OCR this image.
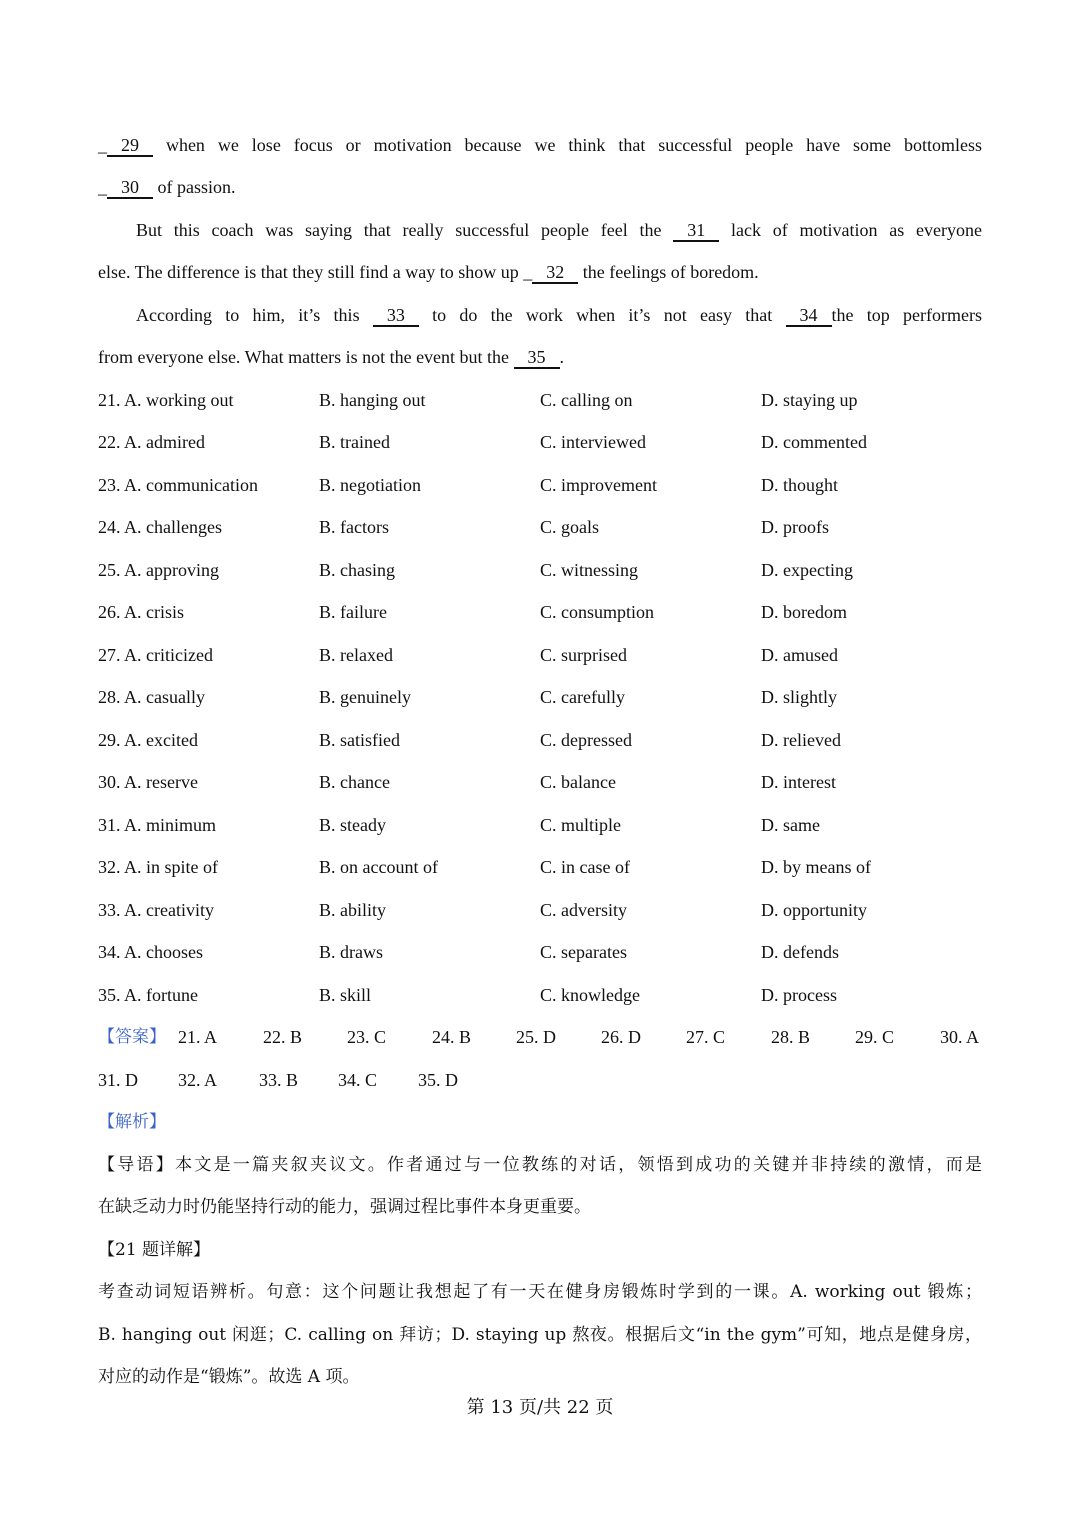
_ 29 when we lose focus or motivation because we think that successful people have some bottomless
_ 30 of passion.
But this coach was saying that really successful people feel the 31 lack of motivation as everyone
else. The difference is that they still find a way to show up _ 32 the feelings of boredom.
According to him, it’s this 33 to do the work when it’s not easy that 34 the top performers
from everyone else. What matters is not the event but the 35 .
21. A. working out	B. hanging out	C. calling on	D. staying up
22. A. admired	B. trained	C. interviewed	D. commented
23. A. communication	B. negotiation	C. improvement	D. thought
24. A. challenges	B. factors	C. goals	D. proofs
25. A. approving	B. chasing	C. witnessing	D. expecting
26. A. crisis	B. failure	C. consumption	D. boredom
27. A. criticized	B. relaxed	C. surprised	D. amused
28. A. casually	B. genuinely	C. carefully	D. slightly
29. A. excited	B. satisfied	C. depressed	D. relieved
30. A. reserve	B. chance	C. balance	D. interest
31. A. minimum	B. steady	C. multiple	D. same
32. A. in spite of	B. on account of	C. in case of	D. by means of
33. A. creativity	B. ability	C. adversity	D. opportunity
34. A. chooses	B. draws	C. separates	D. defends
35. A. fortune	B. skill	C. knowledge	D. process
【答案】 21. A	22. B 23. C	24. B 25. D	26. D	27. C	28. B 29. C	30. A
31. D 32. A 33. B 34. C 35. D
【解析】
【导语】本文是一篇夹叙夹议文。作者通过与一位教练的对话，领悟到成功的关键并非持续的激情，而是
在缺乏动力时仍能坚持行动的能力，强调过程比事件本身更重要。
【21 题详解】
考查动词短语辨析。句意：这个问题让我想起了有一天在健身房锻炼时学到的一课。A. working out 锻炼；
B. hanging out 闲逛；C. calling on 拜访；D. staying up 熬夜。根据后文“in the gym”可知，地点是健身房，
对应的动作是“锻炼”。故选 A 项。
第 13 页/共 22 页
